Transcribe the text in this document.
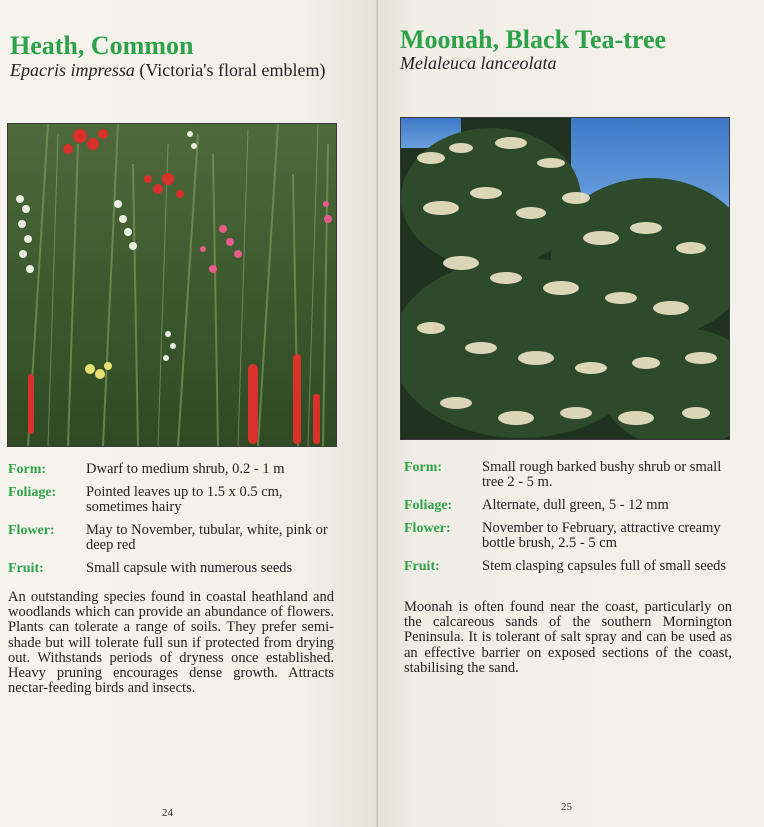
Heath, Common

Epacris impressa (Victoria's floral emblem)

Form:	Dwarf to medium shrub, 0.2 - 1 m
Foliage:	Pointed leaves up to 1.5 x 0.5 cm, sometimes hairy
Flower:	May to November, tubular, white, pink or deep red
Fruit:	Small capsule with numerous seeds

An outstanding species found in coastal heathland and woodlands which can provide an abundance of flowers. Plants can tolerate a range of soils. They prefer semi-shade but will tolerate full sun if protected from drying out. Withstands periods of dryness once established. Heavy pruning encourages dense growth. Attracts nectar-feeding birds and insects.

24
Moonah, Black Tea-tree

Melaleuca lanceolata

Form:	Small rough barked bushy shrub or small tree 2 - 5 m.
Foliage:	Alternate, dull green, 5 - 12 mm
Flower:	November to February, attractive creamy bottle brush, 2.5 - 5 cm
Fruit:	Stem clasping capsules full of small seeds

Moonah is often found near the coast, particularly on the calcareous sands of the southern Mornington Peninsula. It is tolerant of salt spray and can be used as an effective barrier on exposed sections of the coast, stabilising the sand.

25
